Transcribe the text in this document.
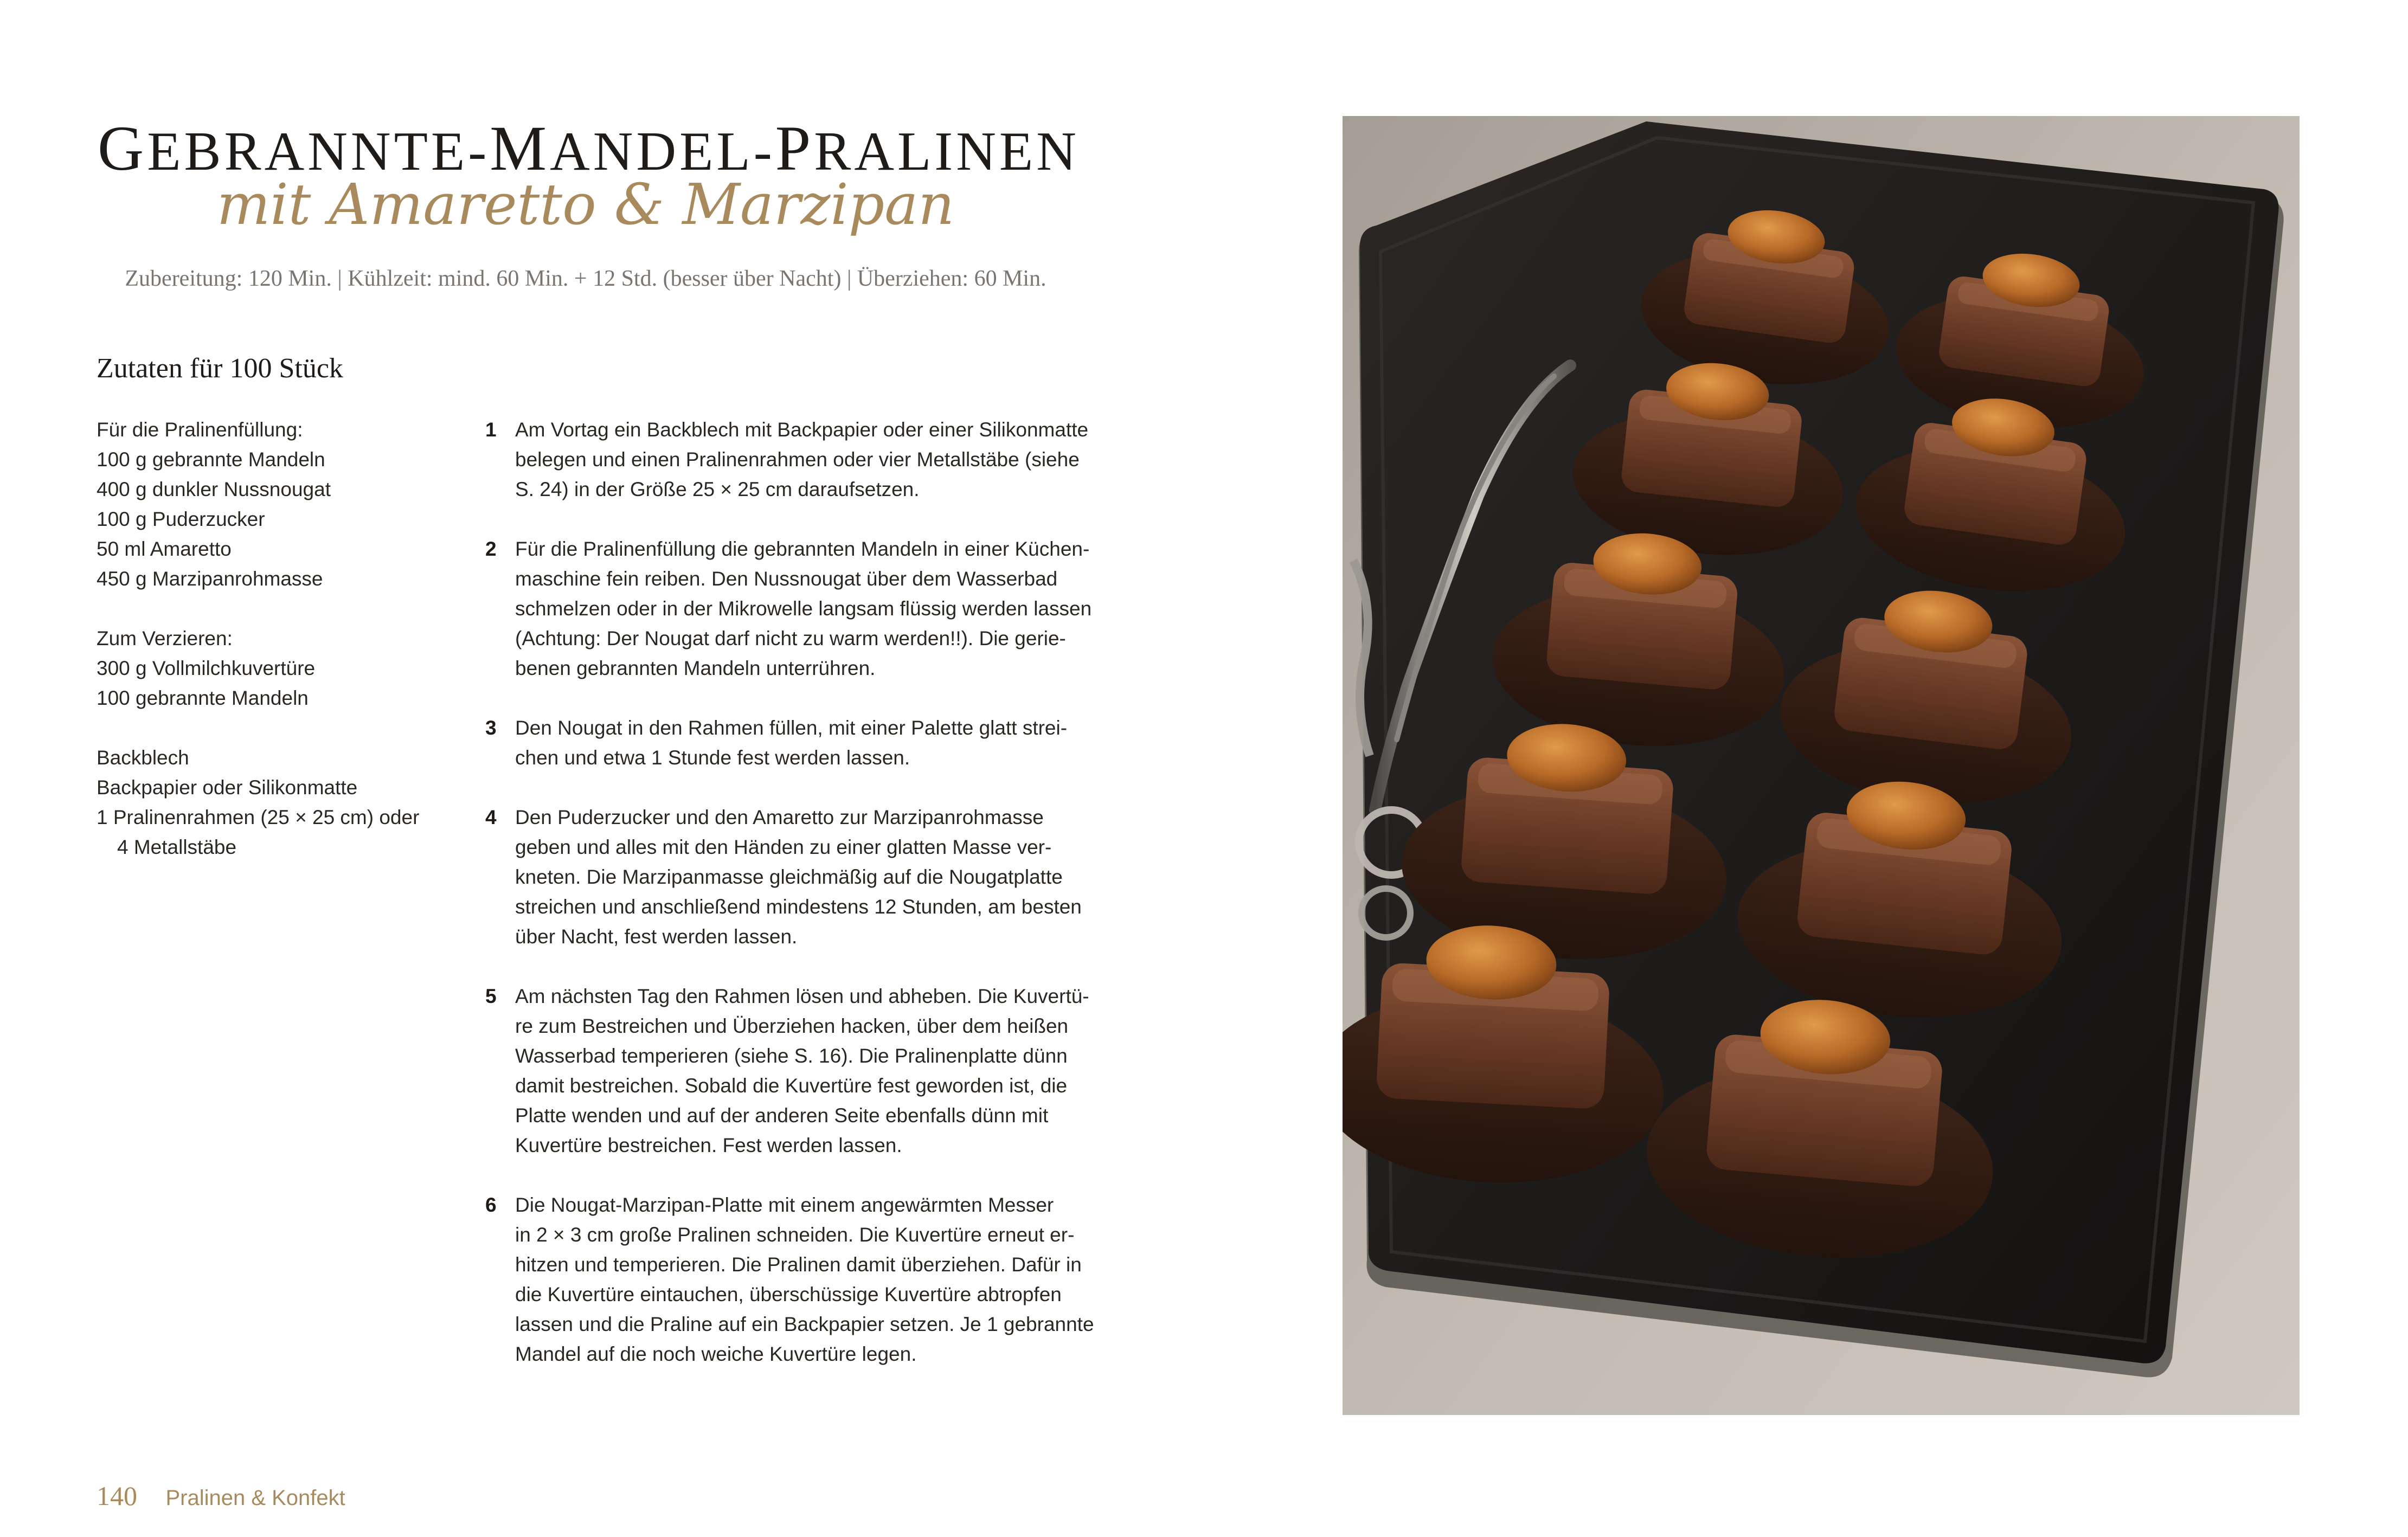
GEBRANNTE-MANDEL-PRALINEN
mit Amaretto & Marzipan
Zubereitung: 120 Min. | Kühlzeit: mind. 60 Min. + 12 Std. (besser über Nacht) | Überziehen: 60 Min.
Zutaten für 100 Stück
Für die Pralinenfüllung:
100 g gebrannte Mandeln
400 g dunkler Nussnougat
100 g Puderzucker
50 ml Amaretto
450 g Marzipanrohmasse
Zum Verzieren:
300 g Vollmilchkuvertüre
100 gebrannte Mandeln
Backblech
Backpapier oder Silikonmatte
1 Pralinenrahmen (25 × 25 cm) oder
4 Metallstäbe
1 Am Vortag ein Backblech mit Backpapier oder einer Silikonmatte
belegen und einen Pralinenrahmen oder vier Metallstäbe (siehe
S. 24) in der Größe 25 × 25 cm daraufsetzen.
2 Für die Pralinenfüllung die gebrannten Mandeln in einer Küchen-
maschine fein reiben. Den Nussnougat über dem Wasserbad
schmelzen oder in der Mikrowelle langsam flüssig werden lassen
(Achtung: Der Nougat darf nicht zu warm werden!!). Die gerie-
benen gebrannten Mandeln unterrühren.
3 Den Nougat in den Rahmen füllen, mit einer Palette glatt strei-
chen und etwa 1 Stunde fest werden lassen.
4 Den Puderzucker und den Amaretto zur Marzipanrohmasse
geben und alles mit den Händen zu einer glatten Masse ver-
kneten. Die Marzipanmasse gleichmäßig auf die Nougatplatte
streichen und anschließend mindestens 12 Stunden, am besten
über Nacht, fest werden lassen.
5 Am nächsten Tag den Rahmen lösen und abheben. Die Kuvertü-
re zum Bestreichen und Überziehen hacken, über dem heißen
Wasserbad temperieren (siehe S. 16). Die Pralinenplatte dünn
damit bestreichen. Sobald die Kuvertüre fest geworden ist, die
Platte wenden und auf der anderen Seite ebenfalls dünn mit
Kuvertüre bestreichen. Fest werden lassen.
6 Die Nougat-Marzipan-Platte mit einem angewärmten Messer
in 2 × 3 cm große Pralinen schneiden. Die Kuvertüre erneut er-
hitzen und temperieren. Die Pralinen damit überziehen. Dafür in
die Kuvertüre eintauchen, überschüssige Kuvertüre abtropfen
lassen und die Praline auf ein Backpapier setzen. Je 1 gebrannte
Mandel auf die noch weiche Kuvertüre legen.
140 Pralinen & Konfekt
